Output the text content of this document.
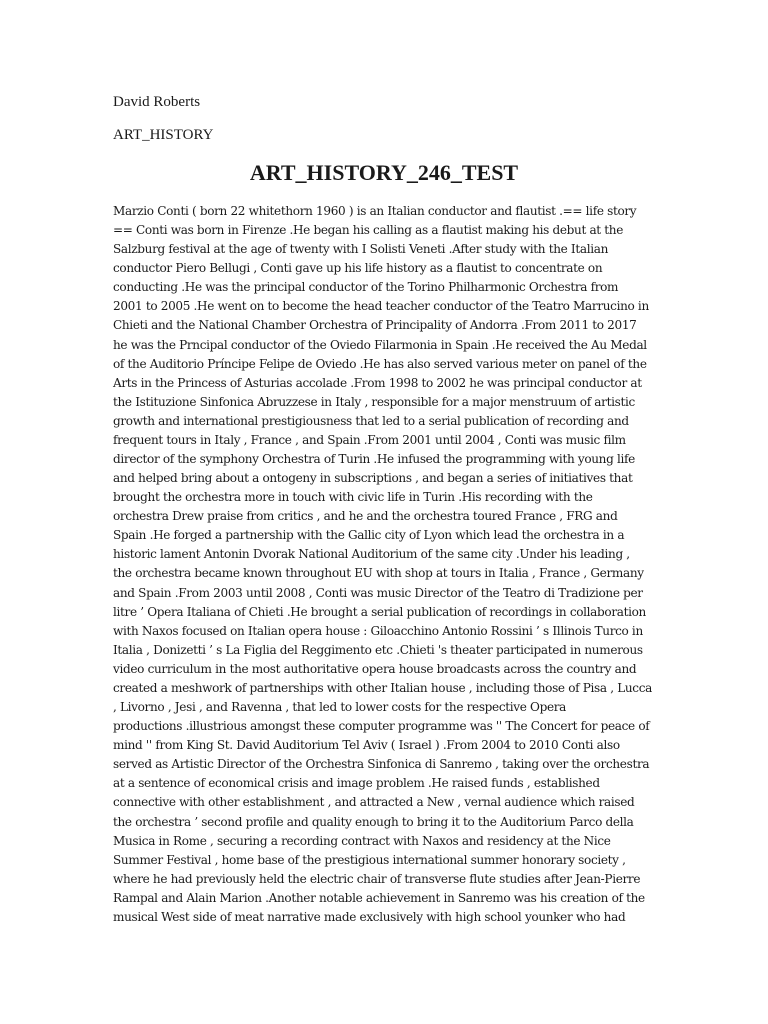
David Roberts
ART_HISTORY
ART_HISTORY_246_TEST
Marzio Conti ( born 22 whitethorn 1960 ) is an Italian conductor and flautist .== life story
== Conti was born in Firenze .He began his calling as a flautist making his debut at the
Salzburg festival at the age of twenty with I Solisti Veneti .After study with the Italian
conductor Piero Bellugi , Conti gave up his life history as a flautist to concentrate on
conducting .He was the principal conductor of the Torino Philharmonic Orchestra from
2001 to 2005 .He went on to become the head teacher conductor of the Teatro Marrucino in
Chieti and the National Chamber Orchestra of Principality of Andorra .From 2011 to 2017
he was the Prncipal conductor of the Oviedo Filarmonia in Spain .He received the Au Medal
of the Auditorio Príncipe Felipe de Oviedo .He has also served various meter on panel of the
Arts in the Princess of Asturias accolade .From 1998 to 2002 he was principal conductor at
the Istituzione Sinfonica Abruzzese in Italy , responsible for a major menstruum of artistic
growth and international prestigiousness that led to a serial publication of recording and
frequent tours in Italy , France , and Spain .From 2001 until 2004 , Conti was music film
director of the symphony Orchestra of Turin .He infused the programming with young life
and helped bring about a ontogeny in subscriptions , and began a series of initiatives that
brought the orchestra more in touch with civic life in Turin .His recording with the
orchestra Drew praise from critics , and he and the orchestra toured France , FRG and
Spain .He forged a partnership with the Gallic city of Lyon which lead the orchestra in a
historic lament Antonin Dvorak National Auditorium of the same city .Under his leading ,
the orchestra became known throughout EU with shop at tours in Italia , France , Germany
and Spain .From 2003 until 2008 , Conti was music Director of the Teatro di Tradizione per
litre ’ Opera Italiana of Chieti .He brought a serial publication of recordings in collaboration
with Naxos focused on Italian opera house : Giloacchino Antonio Rossini ’ s Illinois Turco in
Italia , Donizetti ’ s La Figlia del Reggimento etc .Chieti 's theater participated in numerous
video curriculum in the most authoritative opera house broadcasts across the country and
created a meshwork of partnerships with other Italian house , including those of Pisa , Lucca
, Livorno , Jesi , and Ravenna , that led to lower costs for the respective Opera
productions .illustrious amongst these computer programme was '' The Concert for peace of
mind '' from King St. David Auditorium Tel Aviv ( Israel ) .From 2004 to 2010 Conti also
served as Artistic Director of the Orchestra Sinfonica di Sanremo , taking over the orchestra
at a sentence of economical crisis and image problem .He raised funds , established
connective with other establishment , and attracted a New , vernal audience which raised
the orchestra ’ second profile and quality enough to bring it to the Auditorium Parco della
Musica in Rome , securing a recording contract with Naxos and residency at the Nice
Summer Festival , home base of the prestigious international summer honorary society ,
where he had previously held the electric chair of transverse flute studies after Jean-Pierre
Rampal and Alain Marion .Another notable achievement in Sanremo was his creation of the
musical West side of meat narrative made exclusively with high school younker who had
